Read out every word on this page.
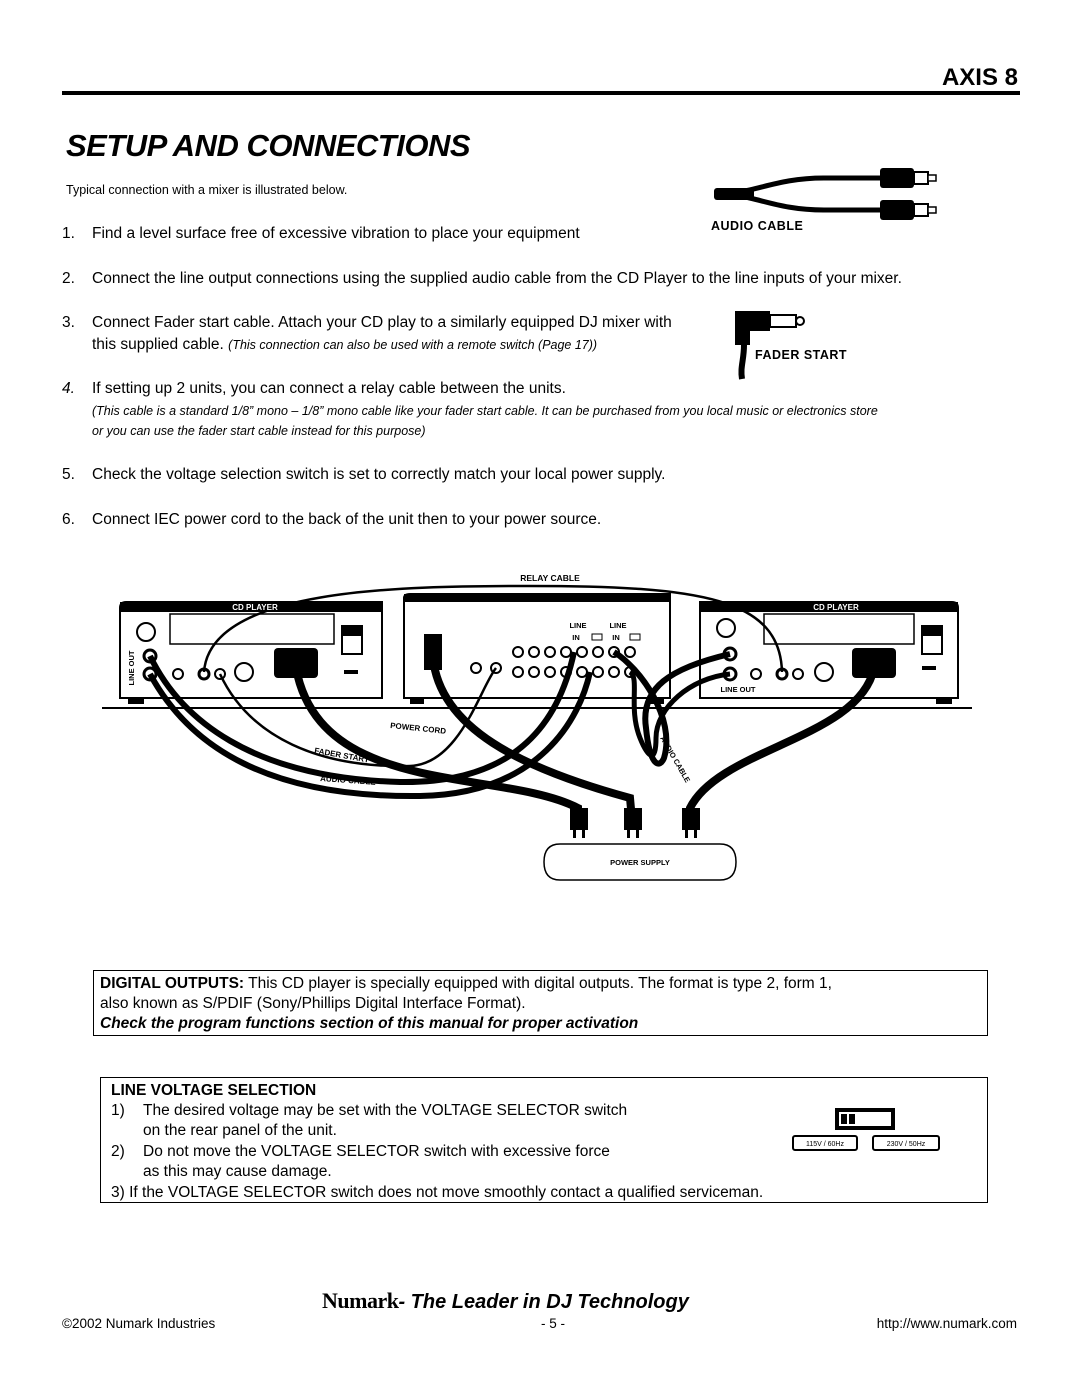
AXIS 8
SETUP AND CONNECTIONS
Typical connection with a mixer is illustrated below.
AUDIO CABLE
FADER START
1. Find a level surface free of excessive vibration to place your equipment
2. Connect the line output connections using the supplied audio cable from the CD Player to the line inputs of your mixer.
3. Connect Fader start cable. Attach your CD play to a similarly equipped DJ mixer with
this supplied cable. (This connection can also be used with a remote switch (Page 17))
4. If setting up 2 units, you can connect a relay cable between the units.
(This cable is a standard 1/8” mono – 1/8” mono cable like your fader start cable. It can be purchased from you local music or electronics store
or you can use the fader start cable instead for this purpose)
5. Check the voltage selection switch is set to correctly match your local power supply.
6. Connect IEC power cord to the back of the unit then to your power source.
RELAY CABLE
CD PLAYER	MIXER	CD PLAYER
LINE	LINE
IN	IN
LINE OUT
LINE OUT
POWER CORD
FADER START
AUDIO CABLE	AUDIO CABLE
POWER SUPPLY

DIGITAL OUTPUTS: This CD player is specially equipped with digital outputs. The format is type 2, form 1,

also known as S/PDIF (Sony/Phillips Digital Interface Format).

Check the program functions section of this manual for proper activation

LINE VOLTAGE SELECTION
1) The desired voltage may be set with the VOLTAGE SELECTOR switch
on the rear panel of the unit.
2) Do not move the VOLTAGE SELECTOR switch with excessive force
as this may cause damage.
3) If the VOLTAGE SELECTOR switch does not move smoothly contact a qualified serviceman.
115V / 60Hz	230V / 50Hz
Numark- The Leader in DJ Technology
©2002 Numark Industries	- 5 -	http://www.numark.com
